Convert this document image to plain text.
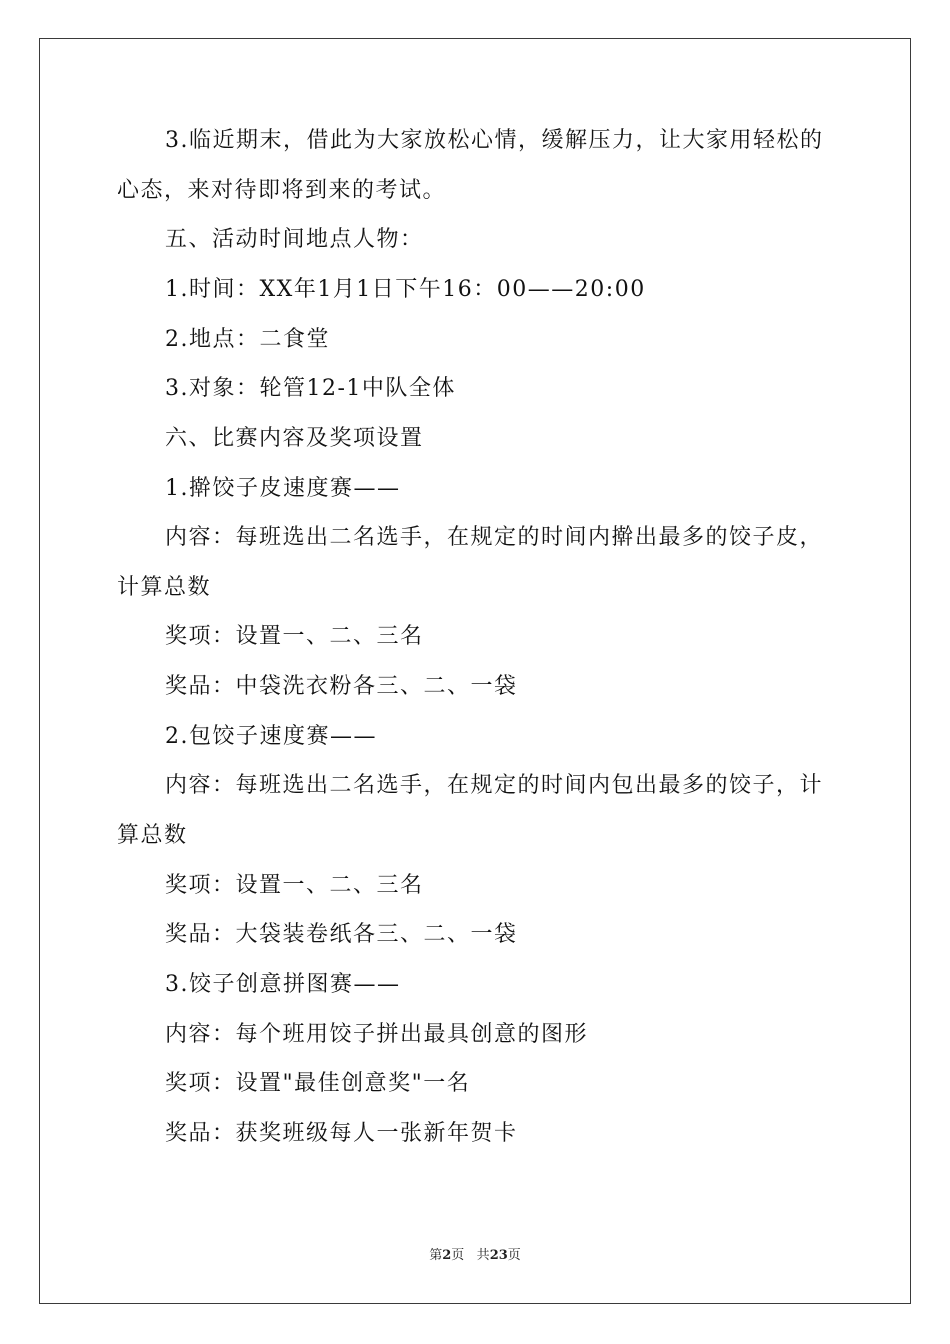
3.临近期末，借此为大家放松心情，缓解压力，让大家用轻松的
心态，来对待即将到来的考试。
五、活动时间地点人物：
1.时间：XX年1月1日下午16：00——20:00
2.地点：二食堂
3.对象：轮管12-1中队全体
六、比赛内容及奖项设置
1.擀饺子皮速度赛——
内容：每班选出二名选手，在规定的时间内擀出最多的饺子皮，
计算总数
奖项：设置一、二、三名
奖品：中袋洗衣粉各三、二、一袋
2.包饺子速度赛——
内容：每班选出二名选手，在规定的时间内包出最多的饺子，计
算总数
奖项：设置一、二、三名
奖品：大袋装卷纸各三、二、一袋
3.饺子创意拼图赛——
内容：每个班用饺子拼出最具创意的图形
奖项：设置"最佳创意奖"一名
奖品：获奖班级每人一张新年贺卡
第2页 共23页
